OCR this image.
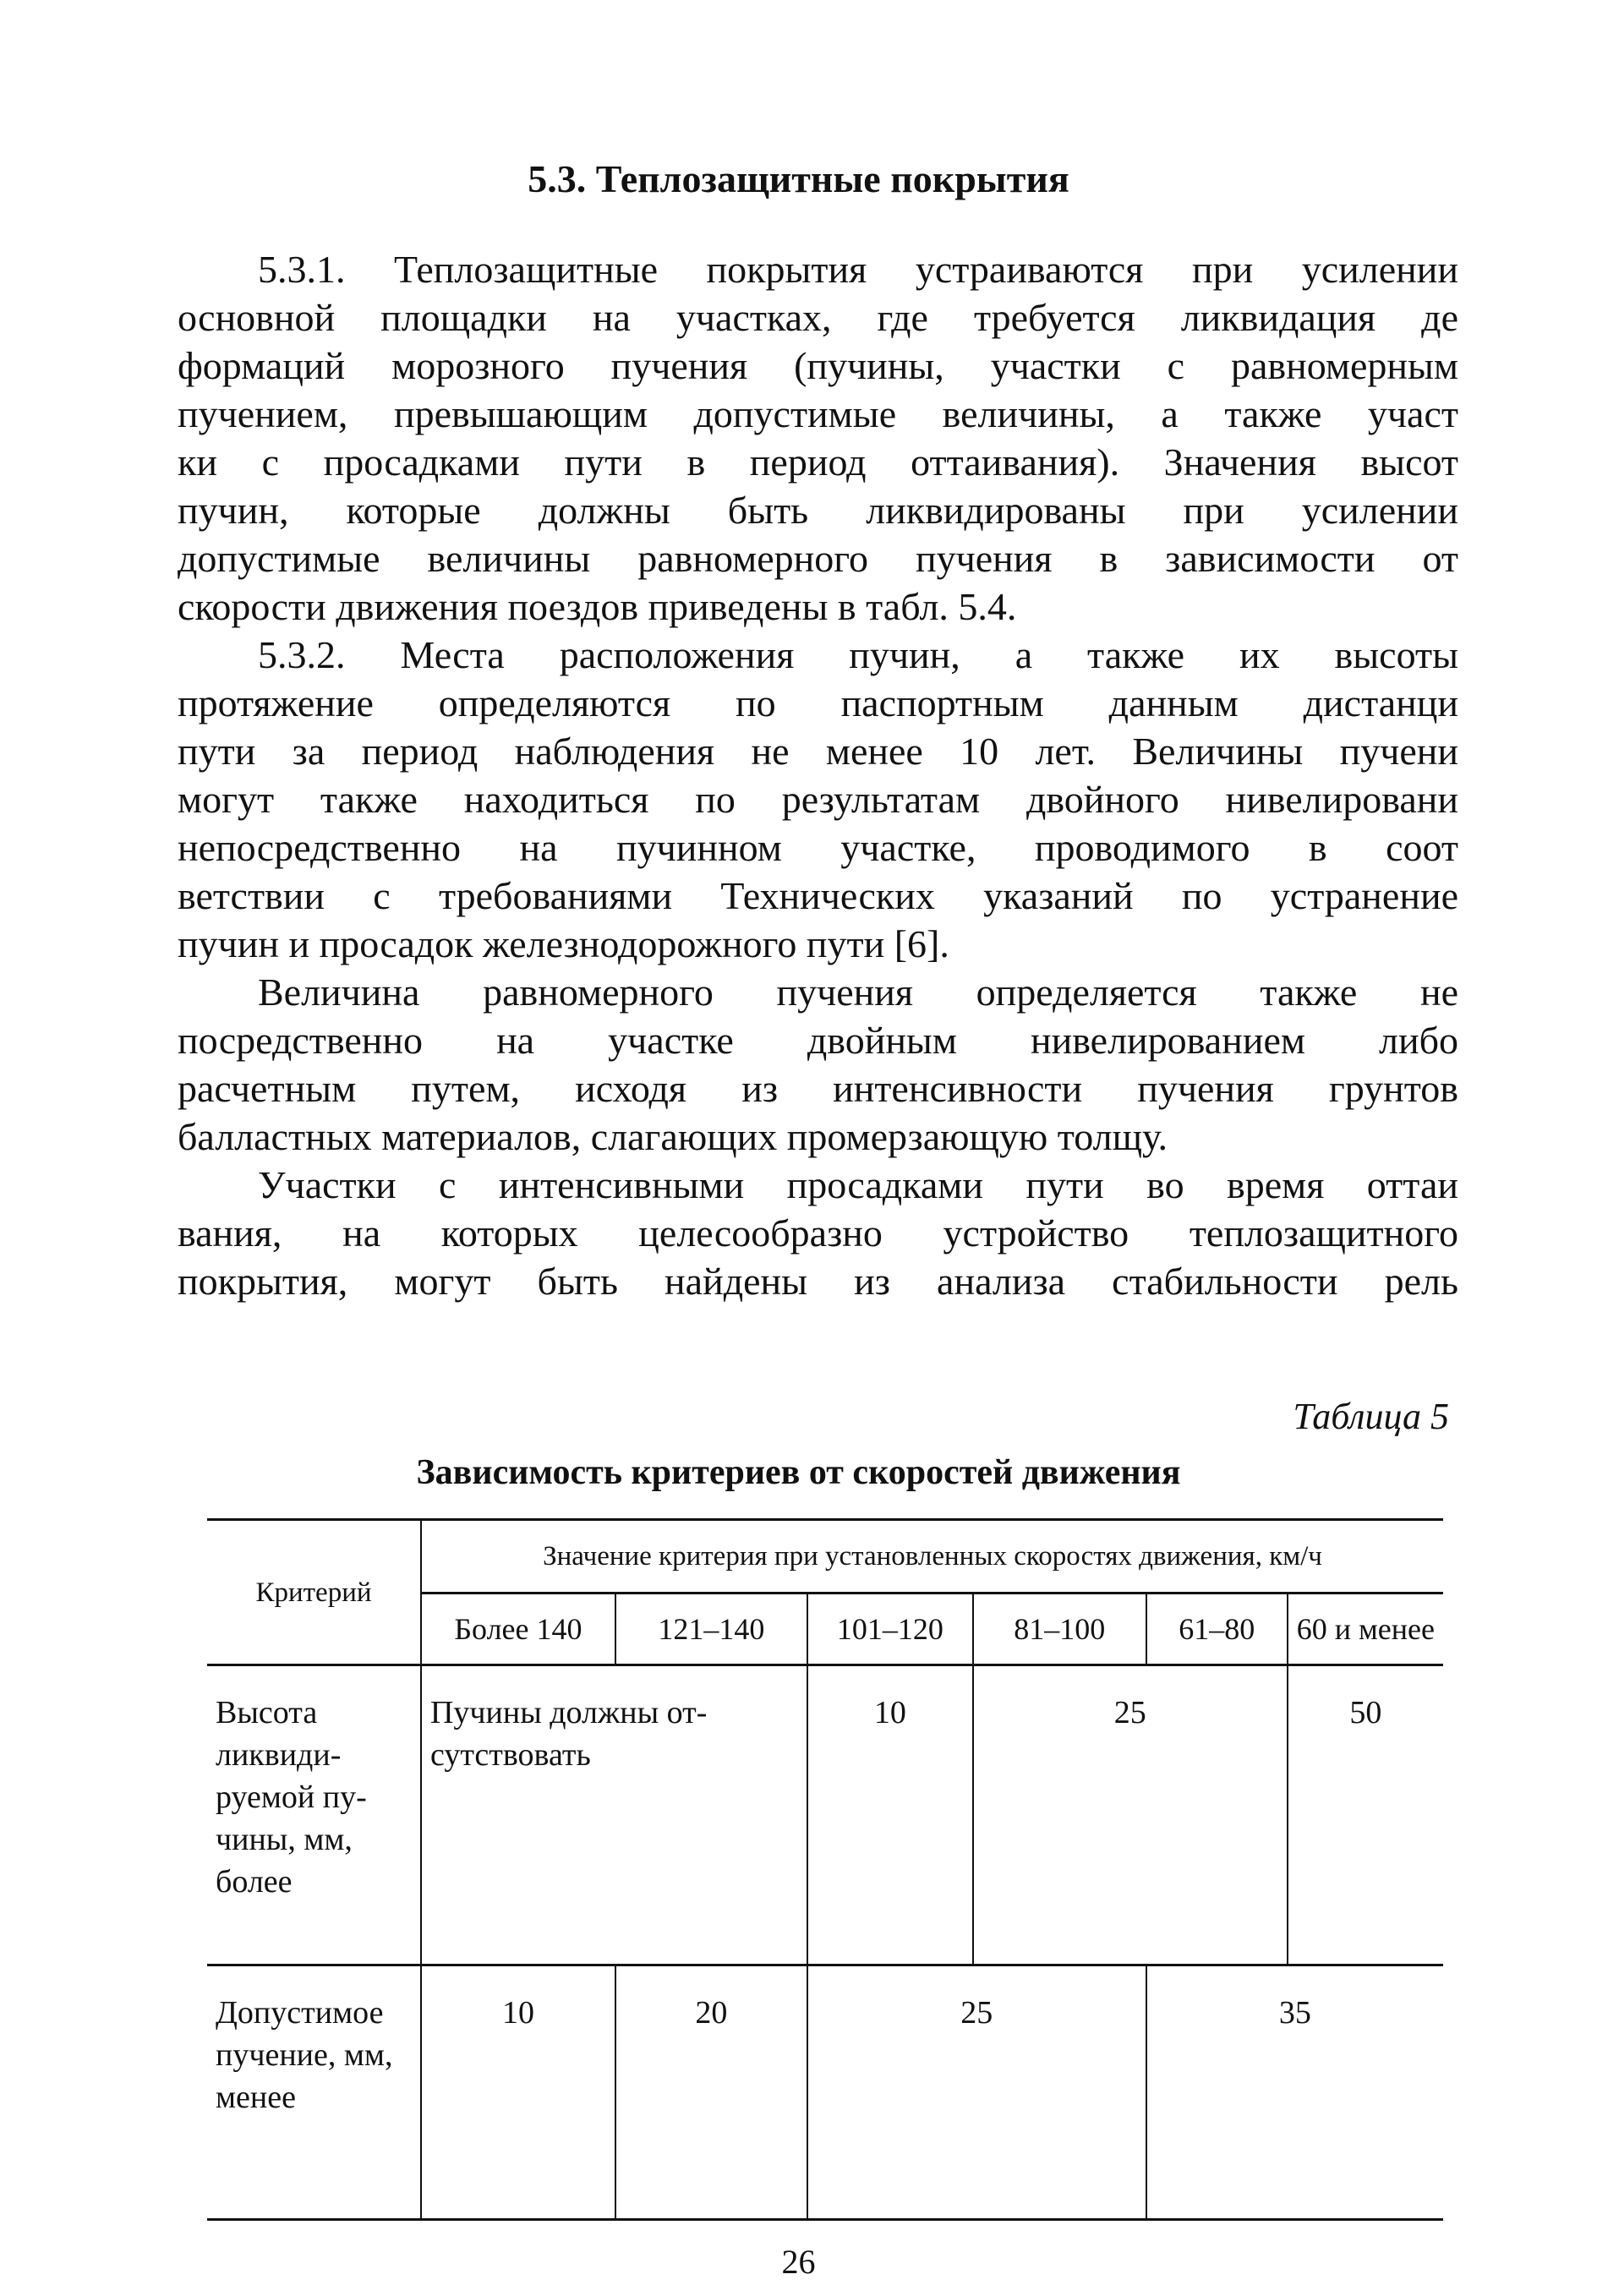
5.3. Теплозащитные покрытия
5.3.1. Теплозащитные покрытия устраиваются при усилении
основной площадки на участках, где требуется ликвидация де
формаций морозного пучения (пучины, участки с равномерным
пучением, превышающим допустимые величины, а также участ
ки с просадками пути в период оттаивания). Значения высот
пучин, которые должны быть ликвидированы при усилении
допустимые величины равномерного пучения в зависимости от
скорости движения поездов приведены в табл. 5.4.
5.3.2. Места расположения пучин, а также их высоты
протяжение определяются по паспортным данным дистанци
пути за период наблюдения не менее 10 лет. Величины пучени
могут также находиться по результатам двойного нивелировани
непосредственно на пучинном участке, проводимого в соот
ветствии с требованиями Технических указаний по устранение
пучин и просадок железнодорожного пути [6].
Величина равномерного пучения определяется также не
посредственно на участке двойным нивелированием либо
расчетным путем, исходя из интенсивности пучения грунтов
балластных материалов, слагающих промерзающую толщу.
Участки с интенсивными просадками пути во время оттаи
вания, на которых целесообразно устройство теплозащитного
покрытия, могут быть найдены из анализа стабильности рель
Таблица 5
Зависимость критериев от скоростей движения
Критерий	Значение критерия при установленных скоростях движения, км/ч					
	Более 140	121–140	101–120	81–100	61–80	60 и менее
Высота ликвиди-руемой пу-чины, мм, более	Пучины должны от-сутствовать		10	25		50
Допустимое пучение, мм, менее	10	20	25		35	
26
